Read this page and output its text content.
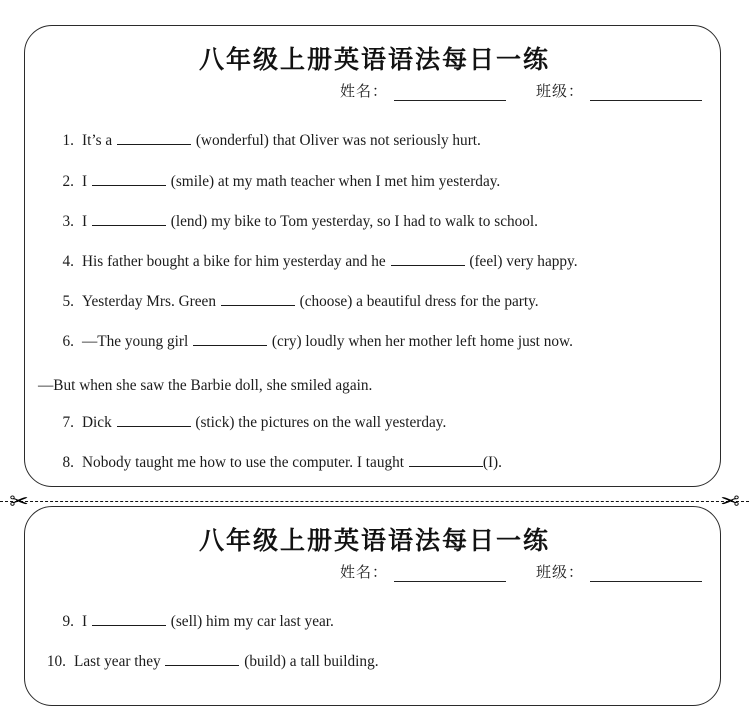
八年级上册英语语法每日一练
姓名：	班级：
1. It’s a	(wonderful) that Oliver was not seriously hurt.
2. I	(smile) at my math teacher when I met him yesterday.
3. I	(lend) my bike to Tom yesterday, so I had to walk to school.
4. His father bought a bike for him yesterday and he	(feel) very happy.
5. Yesterday Mrs. Green	(choose) a beautiful dress for the party.
6. —The young girl	(cry) loudly when her mother left home just now.
—But when she saw the Barbie doll, she smiled again.
7. Dick	(stick) the pictures on the wall yesterday.
8. Nobody taught me how to use the computer. I taught	(I).
✂	✂
八年级上册英语语法每日一练
姓名：	班级：
9. I	(sell) him my car last year.
10. Last year they	(build) a tall building.
